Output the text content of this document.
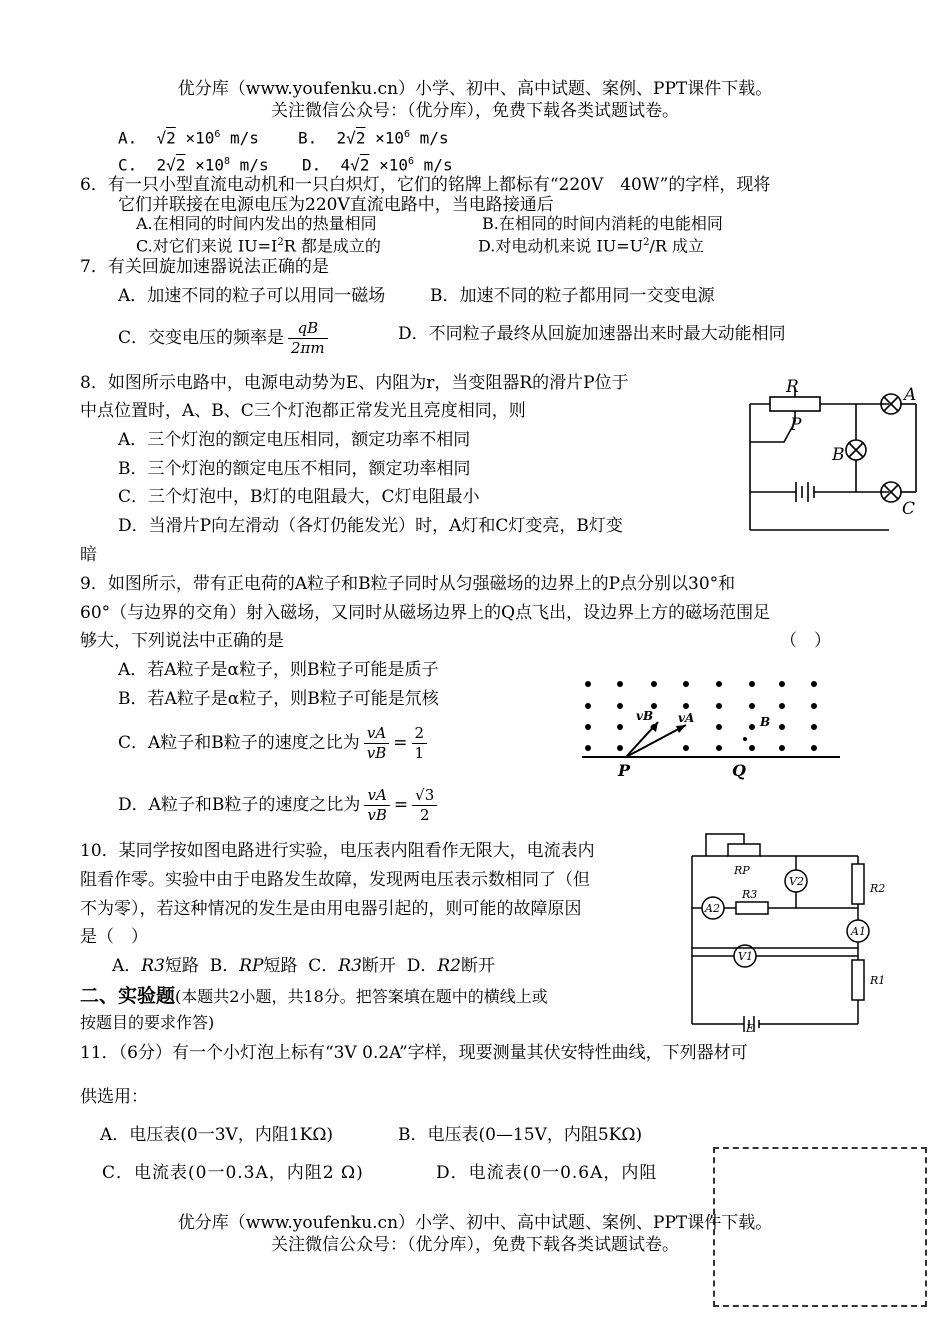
优分库（www.youfenku.cn）小学、初中、高中试题、案例、PPT课件下载。
关注微信公众号：（优分库），免费下载各类试题试卷。
A. $√2 \times 10^6$ m/s B. $2√2 \times 10^6$ m/s
C. $2√2 \times 10^8$ m/s D. $4√2 \times 10^6$ m/s
6．有一只小型直流电动机和一只白炽灯，它们的铭牌上都标有“220V　40W”的字样，现将
它们并联接在电源电压为220V直流电路中，当电路接通后
A.在相同的时间内发出的热量相同	B.在相同的时间内消耗的电能相同
C.对它们来说 $IU=I^2R$ 都是成立的	D.对电动机来说 $IU=U^2/R$ 成立
7．有关回旋加速器说法正确的是
A．加速不同的粒子可以用同一磁场	B．加速不同的粒子都用同一交变电源
C．交变电压的频率是 $\frac{qB}{2\pi m}$	D．不同粒子最终从回旋加速器出来时最大动能相同
8．如图所示电路中，电源电动势为E、内阻为r，当变阻器R的滑片P位于
中点位置时，A、B、C三个灯泡都正常发光且亮度相同，则
A．三个灯泡的额定电压相同，额定功率不相同
B．三个灯泡的额定电压不相同，额定功率相同
C．三个灯泡中，B灯的电阻最大，C灯电阻最小
D．当滑片P向左滑动（各灯仍能发光）时，A灯和C灯变亮，B灯变
暗
R
P
A
B
C
9．如图所示，带有正电荷的A粒子和B粒子同时从匀强磁场的边界上的P点分别以30°和
60°（与边界的交角）射入磁场，又同时从磁场边界上的Q点飞出，设边界上方的磁场范围足
够大，下列说法中正确的是	（　）
A．若A粒子是α粒子，则B粒子可能是质子
B．若A粒子是α粒子，则B粒子可能是氘核
C．A粒子和B粒子的速度之比为 $\frac{vA}{vB} = \frac{2}{1}$
D．A粒子和B粒子的速度之比为 $\frac{vA}{vB} = \frac{√3}{2}$
vB vA	B
P	Q
10．某同学按如图电路进行实验，电压表内阻看作无限大，电流表内
阻看作零。实验中由于电路发生故障，发现两电压表示数相同了（但
不为零），若这种情况的发生是由用电器引起的，则可能的故障原因
是（　）
A．R3短路 B．RP短路 C．R3断开 D．R2断开
RP
R3
V2
R2
A2
A1
V1
R1
E
二、实验题(本题共2小题，共18分。把答案填在题中的横线上或
按题目的要求作答)
11．（6分）有一个小灯泡上标有“3V 0.2A”字样，现要测量其伏安特性曲线，下列器材可
供选用：
A．电压表(0一3V，内阻1KΩ)	B．电压表(0—15V，内阻5KΩ)
C．电流表(0一0.3A，内阻2 Ω)	D．电流表(0一0.6A，内阻
优分库（www.youfenku.cn）小学、初中、高中试题、案例、PPT课件下载。
关注微信公众号：（优分库），免费下载各类试题试卷。
